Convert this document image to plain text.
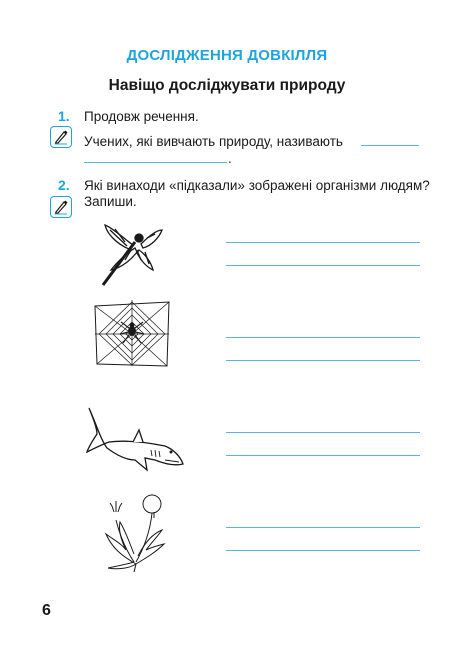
ДОСЛІДЖЕННЯ ДОВКІЛЛЯ
Навіщо досліджувати природу
1. Продовж речення.
Учених, які вивчають природу, називають
.
2. Які винаходи «підказали» зображені організми людям?
Запиши.
6
